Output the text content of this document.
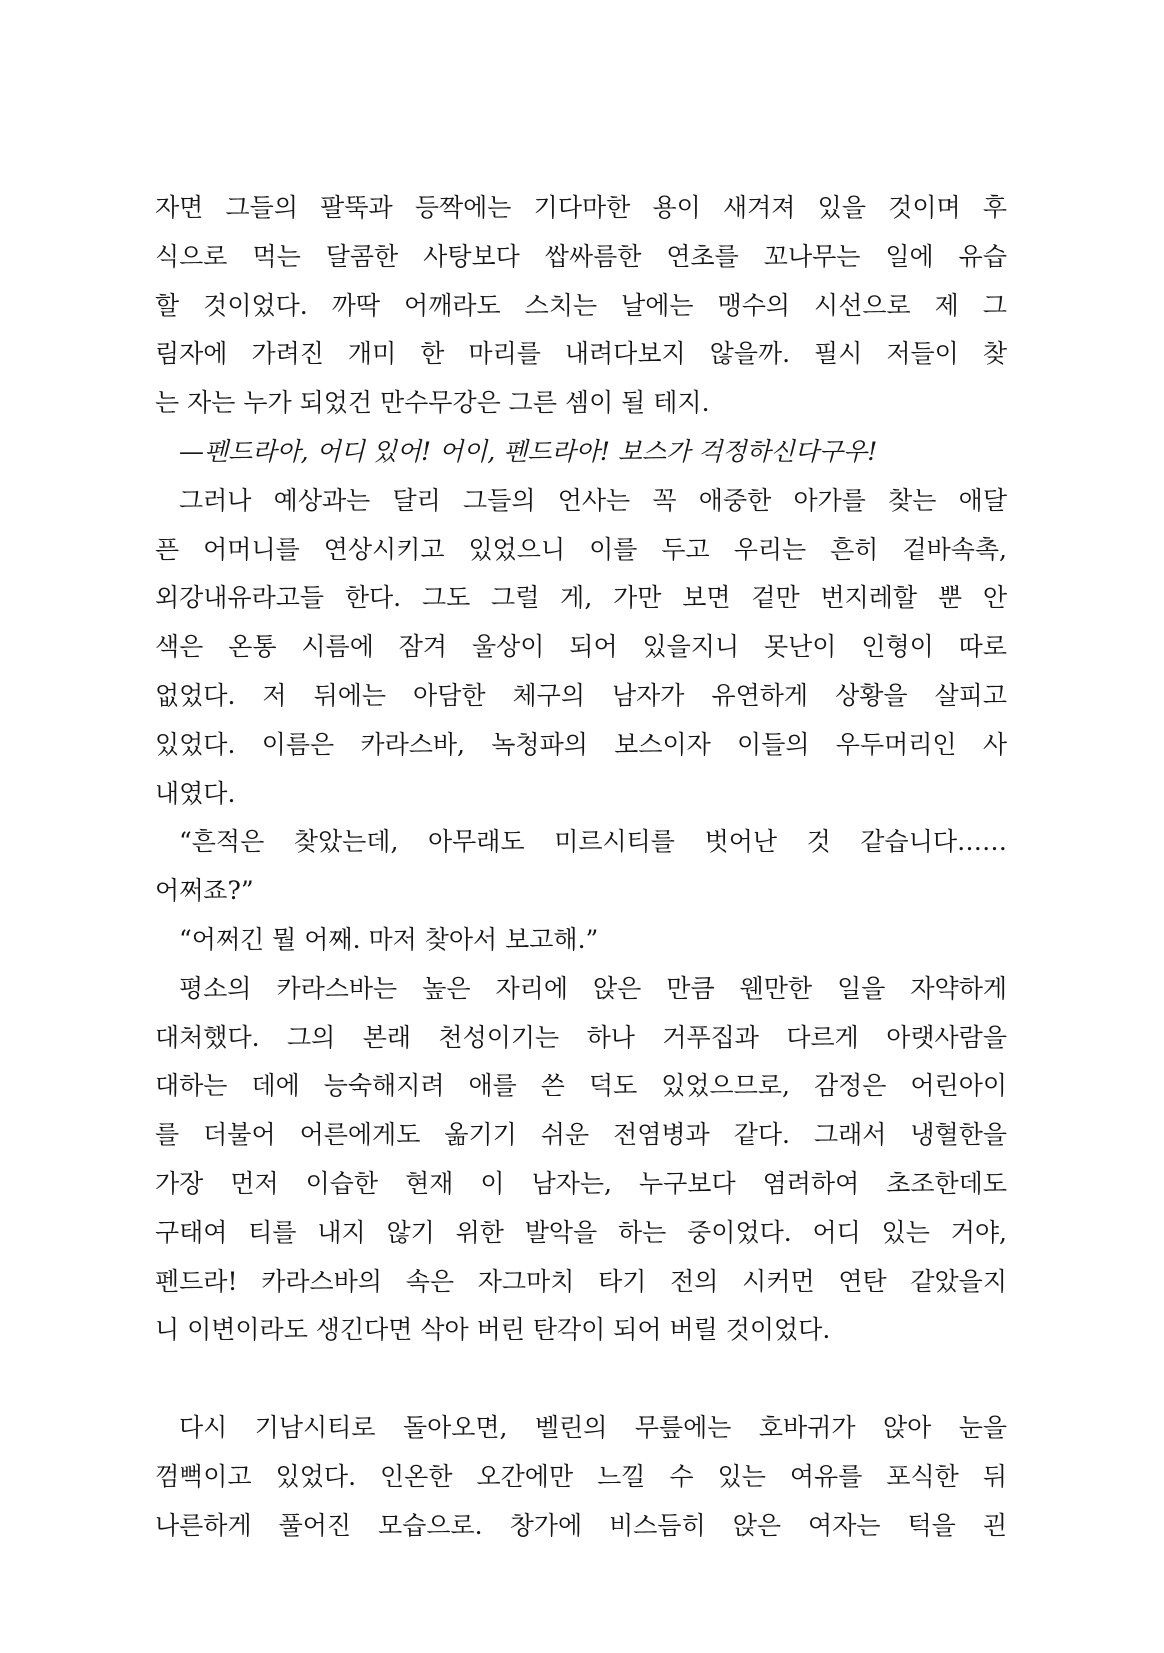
자면 그들의 팔뚝과 등짝에는 기다마한 용이 새겨져 있을 것이며 후
식으로 먹는 달콤한 사탕보다 쌉싸름한 연초를 꼬나무는 일에 유습
할 것이었다. 까딱 어깨라도 스치는 날에는 맹수의 시선으로 제 그
림자에 가려진 개미 한 마리를 내려다보지 않을까. 필시 저들이 찾
는 자는 누가 되었건 만수무강은 그른 셈이 될 테지.
—펜드라아, 어디 있어! 어이, 펜드라아! 보스가 걱정하신다구우!
그러나 예상과는 달리 그들의 언사는 꼭 애중한 아가를 찾는 애달
픈 어머니를 연상시키고 있었으니 이를 두고 우리는 흔히 겉바속촉,
외강내유라고들 한다. 그도 그럴 게, 가만 보면 겉만 번지레할 뿐 안
색은 온통 시름에 잠겨 울상이 되어 있을지니 못난이 인형이 따로
없었다. 저 뒤에는 아담한 체구의 남자가 유연하게 상황을 살피고
있었다. 이름은 카라스바, 녹청파의 보스이자 이들의 우두머리인 사
내였다.
“흔적은 찾았는데, 아무래도 미르시티를 벗어난 것 같습니다……
어쩌죠?”
“어쩌긴 뭘 어째. 마저 찾아서 보고해.”
평소의 카라스바는 높은 자리에 앉은 만큼 웬만한 일을 자약하게
대처했다. 그의 본래 천성이기는 하나 거푸집과 다르게 아랫사람을
대하는 데에 능숙해지려 애를 쓴 덕도 있었으므로, 감정은 어린아이
를 더불어 어른에게도 옮기기 쉬운 전염병과 같다. 그래서 냉혈한을
가장 먼저 이습한 현재 이 남자는, 누구보다 염려하여 초조한데도
구태여 티를 내지 않기 위한 발악을 하는 중이었다. 어디 있는 거야,
펜드라! 카라스바의 속은 자그마치 타기 전의 시커먼 연탄 같았을지
니 이변이라도 생긴다면 삭아 버린 탄각이 되어 버릴 것이었다.
다시 기남시티로 돌아오면, 벨린의 무릎에는 호바귀가 앉아 눈을
껌뻑이고 있었다. 인온한 오간에만 느낄 수 있는 여유를 포식한 뒤
나른하게 풀어진 모습으로. 창가에 비스듬히 앉은 여자는 턱을 괸
